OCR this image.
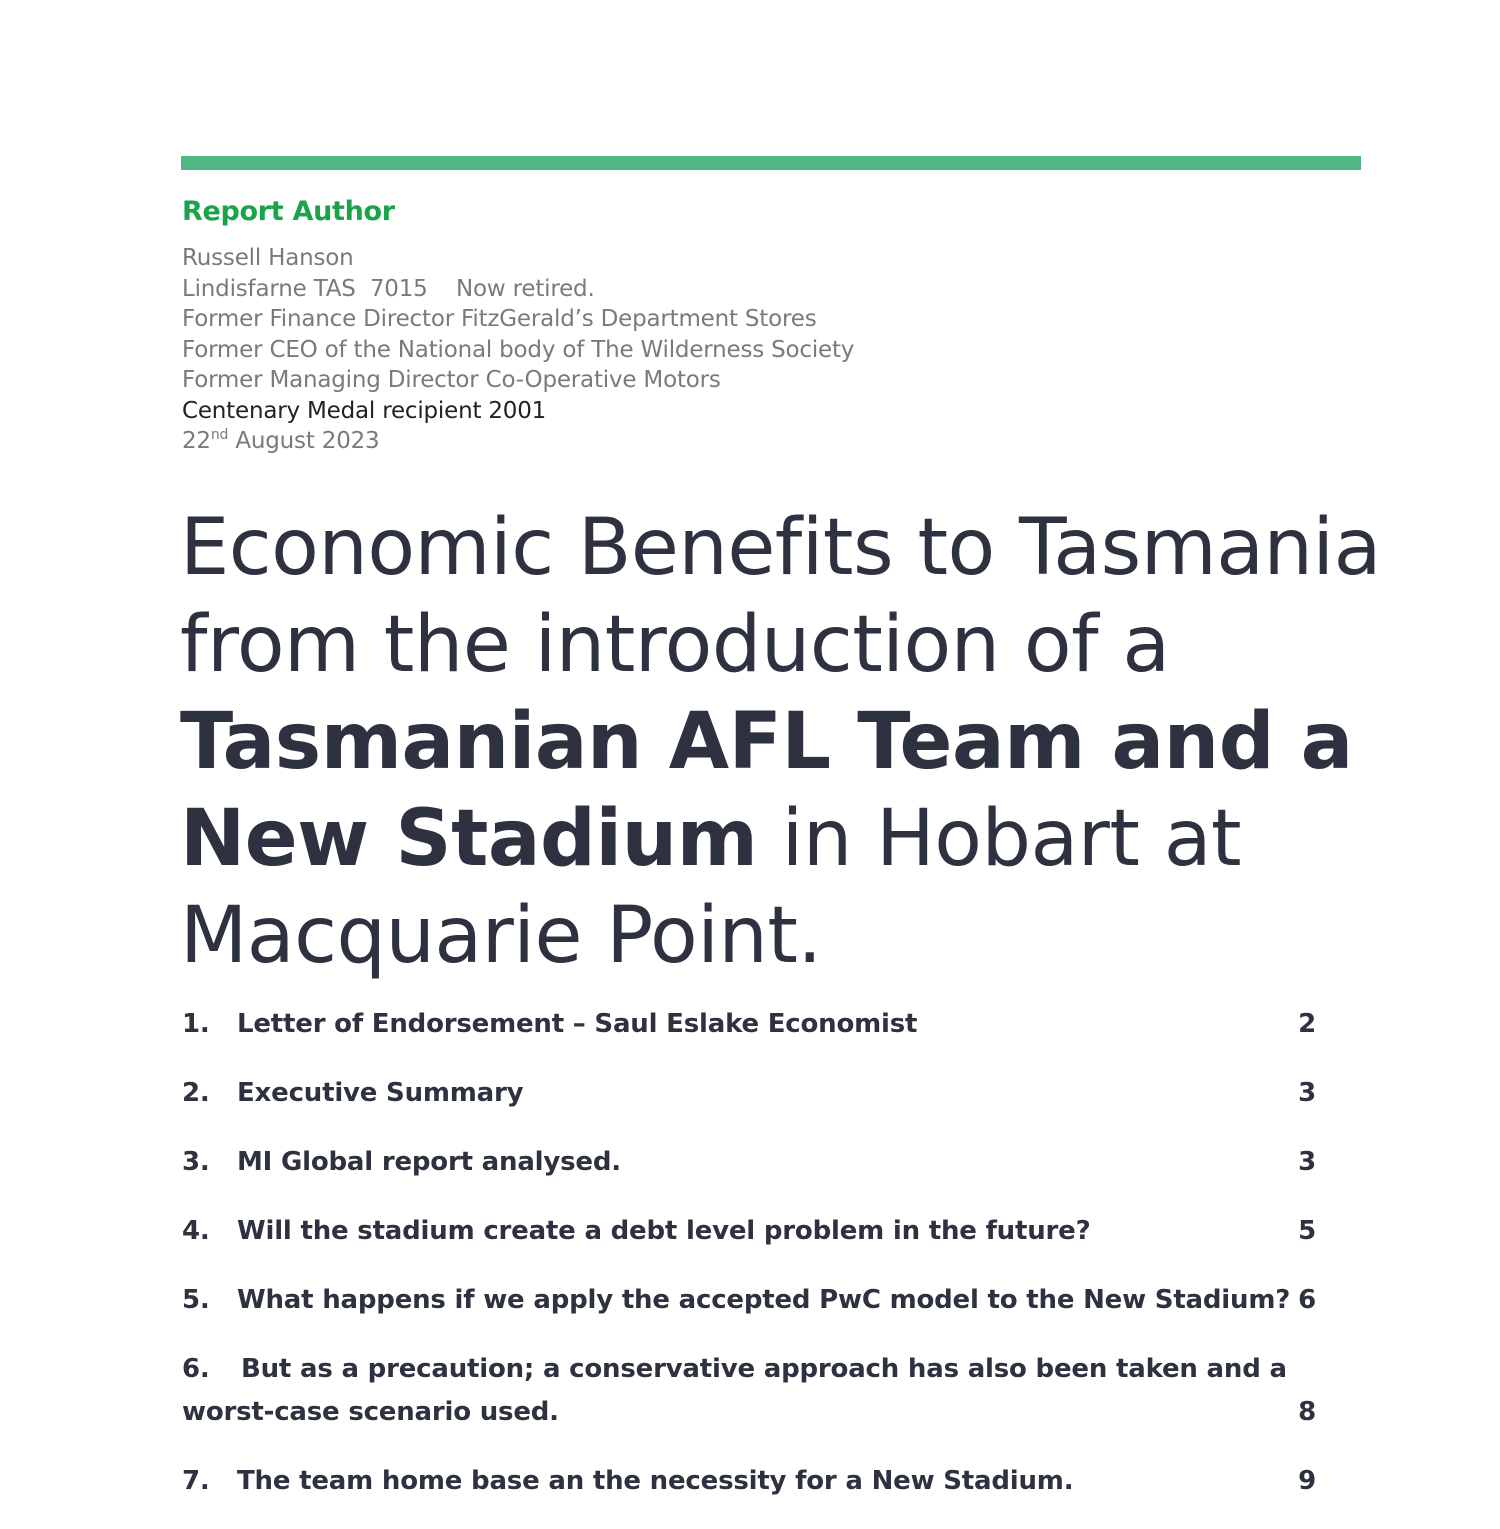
Report Author
Russell Hanson
Lindisfarne TAS  7015    Now retired.
Former Finance Director FitzGerald’s Department Stores
Former CEO of the National body of The Wilderness Society
Former Managing Director Co-Operative Motors
Centenary Medal recipient 2001
22nd August 2023
Economic Benefits to Tasmania
from the introduction of a
Tasmanian AFL Team and a
New Stadium in Hobart at
Macquarie Point.
1. Letter of Endorsement – Saul Eslake Economist	2
2. Executive Summary	3
3. MI Global report analysed.	3
4. Will the stadium create a debt level problem in the future?	5
5. What happens if we apply the accepted PwC model to the New Stadium? 6
6. But as a precaution; a conservative approach has also been taken and a
worst-case scenario used.	8
7. The team home base an the necessity for a New Stadium.	9
